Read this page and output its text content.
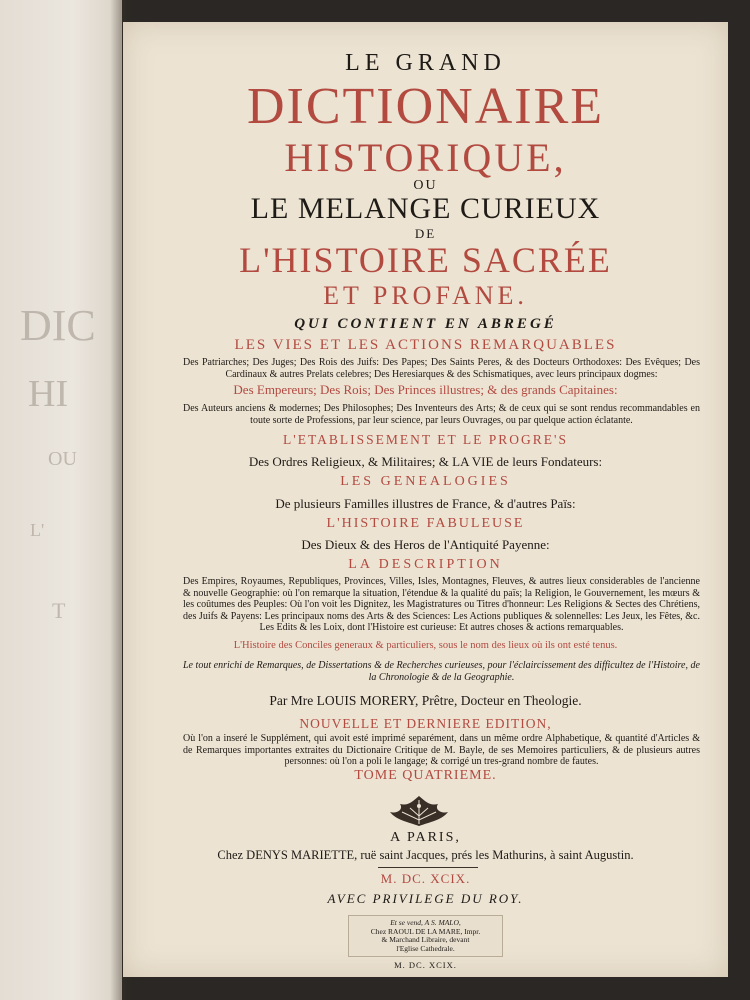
DIC
HI
OU
L'
T
LE GRAND
DICTIONAIRE
HISTORIQUE,
OU
LE MELANGE CURIEUX
DE
L'HISTOIRE SACRÉE
ET PROFANE.
QUI CONTIENT EN ABREGÉ
LES VIES ET LES ACTIONS REMARQUABLES
Des Patriarches; Des Juges; Des Rois des Juifs: Des Papes; Des Saints Peres, & des Docteurs Orthodoxes: Des Evêques; Des Cardinaux & autres Prelats celebres; Des Heresiarques & des Schismatiques, avec leurs principaux dogmes:
Des Empereurs; Des Rois; Des Princes illustres; & des grands Capitaines:
Des Auteurs anciens & modernes; Des Philosophes; Des Inventeurs des Arts; & de ceux qui se sont rendus recommandables en toute sorte de Professions, par leur science, par leurs Ouvrages, ou par quelque action éclatante.
L'ETABLISSEMENT ET LE PROGRE'S
Des Ordres Religieux, & Militaires; & LA VIE de leurs Fondateurs:
LES GENEALOGIES
De plusieurs Familles illustres de France, & d'autres Païs:
L'HISTOIRE FABULEUSE
Des Dieux & des Heros de l'Antiquité Payenne:
LA DESCRIPTION
Des Empires, Royaumes, Republiques, Provinces, Villes, Isles, Montagnes, Fleuves, & autres lieux considerables de l'ancienne & nouvelle Geographie: où l'on remarque la situation, l'étendue & la qualité du païs; la Religion, le Gouvernement, les mœurs & les coûtumes des Peuples: Où l'on voit les Dignitez, les Magistratures ou Titres d'honneur: Les Religions & Sectes des Chrétiens, des Juifs & Payens: Les principaux noms des Arts & des Sciences: Les Actions publiques & solennelles: Les Jeux, les Fêtes, &c. Les Edits & les Loix, dont l'Histoire est curieuse: Et autres choses & actions remarquables.
L'Histoire des Conciles generaux & particuliers, sous le nom des lieux où ils ont esté tenus.
Le tout enrichi de Remarques, de Dissertations & de Recherches curieuses, pour l'éclaircissement des difficultez de l'Histoire, de la Chronologie & de la Geographie.
Par Mre LOUIS MORERY, Prêtre, Docteur en Theologie.
NOUVELLE ET DERNIERE EDITION,
Où l'on a inseré le Supplément, qui avoit esté imprimé separément, dans un même ordre Alphabetique, & quantité d'Articles & de Remarques importantes extraites du Dictionaire Critique de M. Bayle, de ses Memoires particuliers, & de plusieurs autres personnes: où l'on a poli le langage; & corrigé un tres-grand nombre de fautes.
TOME QUATRIEME.
A PARIS,
Chez DENYS MARIETTE, ruë saint Jacques, prés les Mathurins, à saint Augustin.
M. DC. XCIX.
AVEC PRIVILEGE DU ROY.
Et se vend, A S. MALO,
Chez RAOUL DE LA MARE, Impr.
& Marchand Libraire, devant
l'Eglise Cathedrale.
M. DC. XCIX.
